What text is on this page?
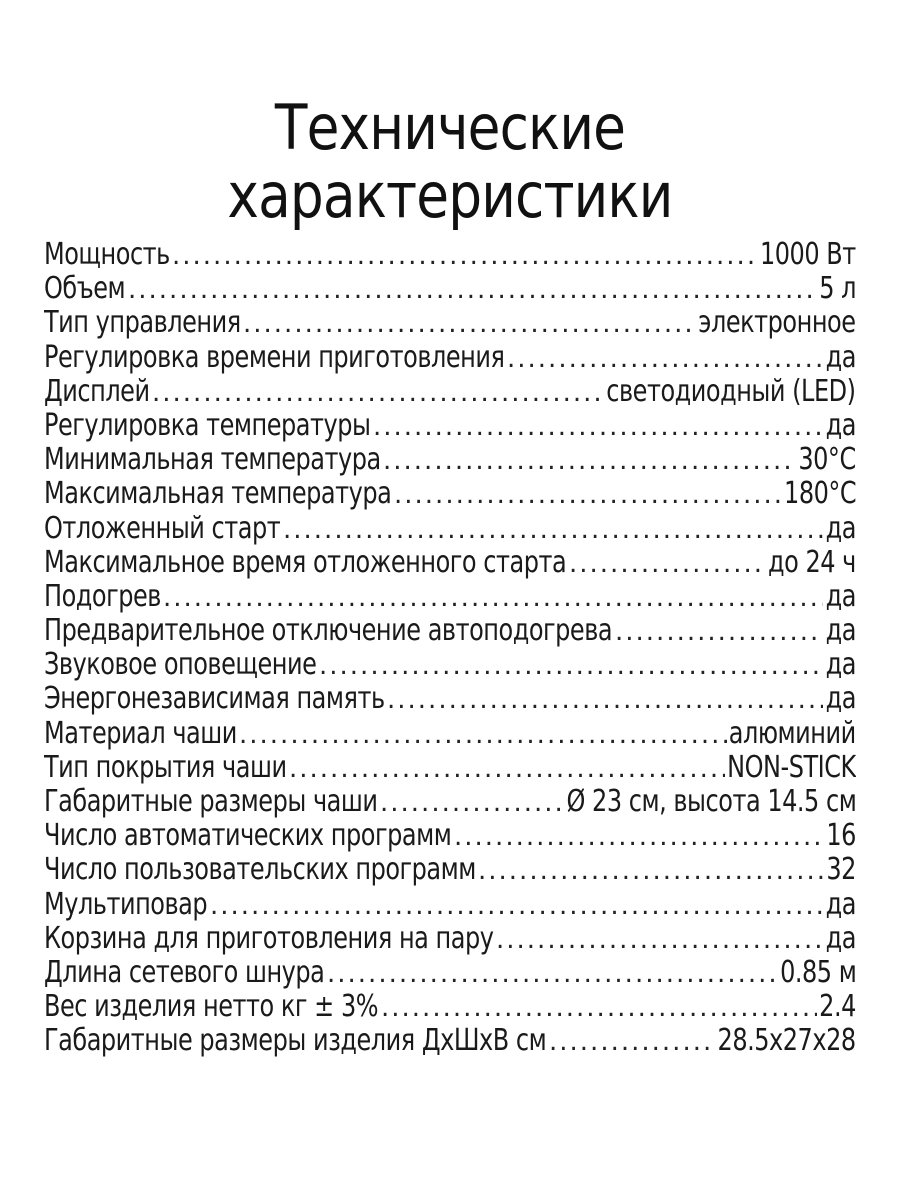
Технические
характеристики
Мощность .....	1000 Вт
Объем .....	5 л
Тип управления .....	электронное
Регулировка времени приготовления .....	да
Дисплей .....	светодиодный (LED)
Регулировка температуры .....	да
Минимальная температура .....	30°С
Максимальная температура .....	180°С
Отложенный старт .....	да
Максимальное время отложенного старта .....	до 24 ч
Подогрев .....	да
Предварительное отключение автоподогрева .....	да
Звуковое оповещение .....	да
Энергонезависимая память .....	да
Материал чаши .....	алюминий
Тип покрытия чаши .....	NON-STICK
Габаритные размеры чаши .....	Ø 23 см, высота 14.5 см
Число автоматических программ .....	16
Число пользовательских программ .....	32
Мультиповар .....	да
Корзина для приготовления на пару .....	да
Длина сетевого шнура .....	0.85 м
Вес изделия нетто кг ± 3% .....	2.4
Габаритные размеры изделия ДхШхВ см .....	28.5x27x28
